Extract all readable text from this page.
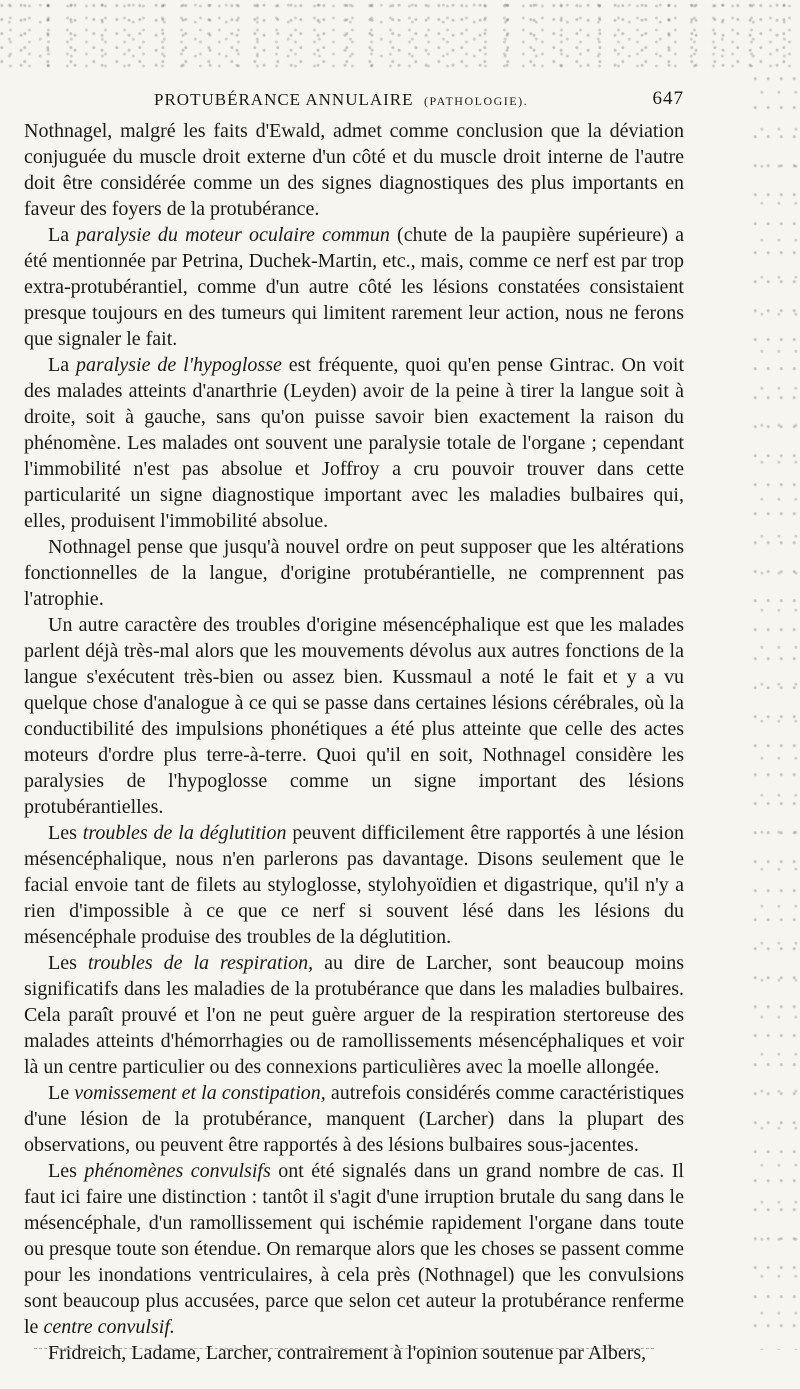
PROTUBÉRANCE ANNULAIRE (PATHOLOGIE).	647

Nothnagel, malgré les faits d'Ewald, admet comme conclusion que la déviation conjuguée du muscle droit externe d'un côté et du muscle droit interne de l'autre doit être considérée comme un des signes diagnostiques des plus importants en faveur des foyers de la protubérance.

La paralysie du moteur oculaire commun (chute de la paupière supérieure) a été mentionnée par Petrina, Duchek-Martin, etc., mais, comme ce nerf est par trop extra-protubérantiel, comme d'un autre côté les lésions constatées consistaient presque toujours en des tumeurs qui limitent rarement leur action, nous ne ferons que signaler le fait.

La paralysie de l'hypoglosse est fréquente, quoi qu'en pense Gintrac. On voit des malades atteints d'anarthrie (Leyden) avoir de la peine à tirer la langue soit à droite, soit à gauche, sans qu'on puisse savoir bien exactement la raison du phénomène. Les malades ont souvent une paralysie totale de l'organe ; cependant l'immobilité n'est pas absolue et Joffroy a cru pouvoir trouver dans cette particularité un signe diagnostique important avec les maladies bulbaires qui, elles, produisent l'immobilité absolue.

Nothnagel pense que jusqu'à nouvel ordre on peut supposer que les altérations fonctionnelles de la langue, d'origine protubérantielle, ne comprennent pas l'atrophie.

Un autre caractère des troubles d'origine mésencéphalique est que les malades parlent déjà très-mal alors que les mouvements dévolus aux autres fonctions de la langue s'exécutent très-bien ou assez bien. Kussmaul a noté le fait et y a vu quelque chose d'analogue à ce qui se passe dans certaines lésions cérébrales, où la conductibilité des impulsions phonétiques a été plus atteinte que celle des actes moteurs d'ordre plus terre-à-terre. Quoi qu'il en soit, Nothnagel considère les paralysies de l'hypoglosse comme un signe important des lésions protubérantielles.

Les troubles de la déglutition peuvent difficilement être rapportés à une lésion mésencéphalique, nous n'en parlerons pas davantage. Disons seulement que le facial envoie tant de filets au styloglosse, stylohyoïdien et digastrique, qu'il n'y a rien d'impossible à ce que ce nerf si souvent lésé dans les lésions du mésencéphale produise des troubles de la déglutition.

Les troubles de la respiration, au dire de Larcher, sont beaucoup moins significatifs dans les maladies de la protubérance que dans les maladies bulbaires. Cela paraît prouvé et l'on ne peut guère arguer de la respiration stertoreuse des malades atteints d'hémorrhagies ou de ramollissements mésencéphaliques et voir là un centre particulier ou des connexions particulières avec la moelle allongée.

Le vomissement et la constipation, autrefois considérés comme caractéristiques d'une lésion de la protubérance, manquent (Larcher) dans la plupart des observations, ou peuvent être rapportés à des lésions bulbaires sous-jacentes.

Les phénomènes convulsifs ont été signalés dans un grand nombre de cas. Il faut ici faire une distinction : tantôt il s'agit d'une irruption brutale du sang dans le mésencéphale, d'un ramollissement qui ischémie rapidement l'organe dans toute ou presque toute son étendue. On remarque alors que les choses se passent comme pour les inondations ventriculaires, à cela près (Nothnagel) que les convulsions sont beaucoup plus accusées, parce que selon cet auteur la protubérance renferme le centre convulsif.

Fridreich, Ladame, Larcher, contrairement à l'opinion soutenue par Albers,
